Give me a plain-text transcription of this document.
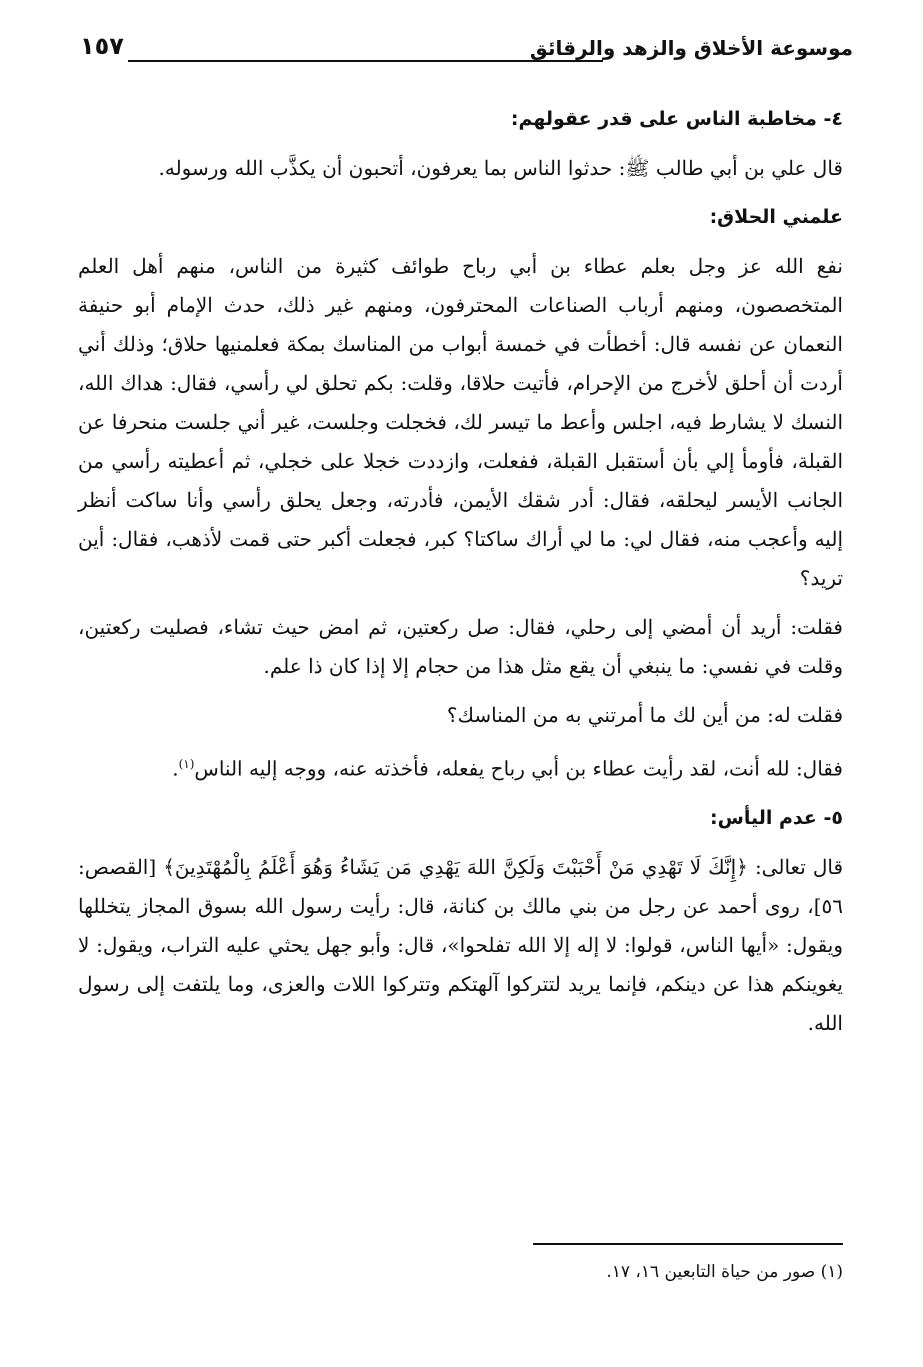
موسوعة الأخلاق والزهد والرقائق
١٥٧

٤- مخاطبة الناس على قدر عقولهم:

قال علي بن أبي طالب ﷺ: حدثوا الناس بما يعرفون، أتحبون أن يكذَّب الله ورسوله.

علمني الحلاق:

نفع الله عز وجل بعلم عطاء بن أبي رباح طوائف كثيرة من الناس، منهم أهل العلم المتخصصون، ومنهم أرباب الصناعات المحترفون، ومنهم غير ذلك، حدث الإمام أبو حنيفة النعمان عن نفسه قال: أخطأت في خمسة أبواب من المناسك بمكة فعلمنيها حلاق؛ وذلك أني أردت أن أحلق لأخرج من الإحرام، فأتيت حلاقا، وقلت: بكم تحلق لي رأسي، فقال: هداك الله، النسك لا يشارط فيه، اجلس وأعط ما تيسر لك، فخجلت وجلست، غير أني جلست منحرفا عن القبلة، فأومأ إلي بأن أستقبل القبلة، ففعلت، وازددت خجلا على خجلي، ثم أعطيته رأسي من الجانب الأيسر ليحلقه، فقال: أدر شقك الأيمن، فأدرته، وجعل يحلق رأسي وأنا ساكت أنظر إليه وأعجب منه، فقال لي: ما لي أراك ساكتا؟ كبر، فجعلت أكبر حتى قمت لأذهب، فقال: أين تريد؟

فقلت: أريد أن أمضي إلى رحلي، فقال: صل ركعتين، ثم امض حيث تشاء، فصليت ركعتين، وقلت في نفسي: ما ينبغي أن يقع مثل هذا من حجام إلا إذا كان ذا علم.

فقلت له: من أين لك ما أمرتني به من المناسك؟

فقال: لله أنت، لقد رأيت عطاء بن أبي رباح يفعله، فأخذته عنه، ووجه إليه الناس$^{(١)}$.

٥- عدم اليأس:

قال تعالى: ﴿إِنَّكَ لَا تَهْدِي مَنْ أَحْبَبْتَ وَلَكِنَّ اللهَ يَهْدِي مَن يَشَاءُ وَهُوَ أَعْلَمُ بِالْمُهْتَدِينَ﴾ [القصص: ٥٦]، روى أحمد عن رجل من بني مالك بن كنانة، قال: رأيت رسول الله بسوق المجاز يتخللها ويقول: «أيها الناس، قولوا: لا إله إلا الله تفلحوا»، قال: وأبو جهل يحثي عليه التراب، ويقول: لا يغوينكم هذا عن دينكم، فإنما يريد لتتركوا آلهتكم وتتركوا اللات والعزى، وما يلتفت إلى رسول الله.

(١) صور من حياة التابعين ١٦، ١٧.
